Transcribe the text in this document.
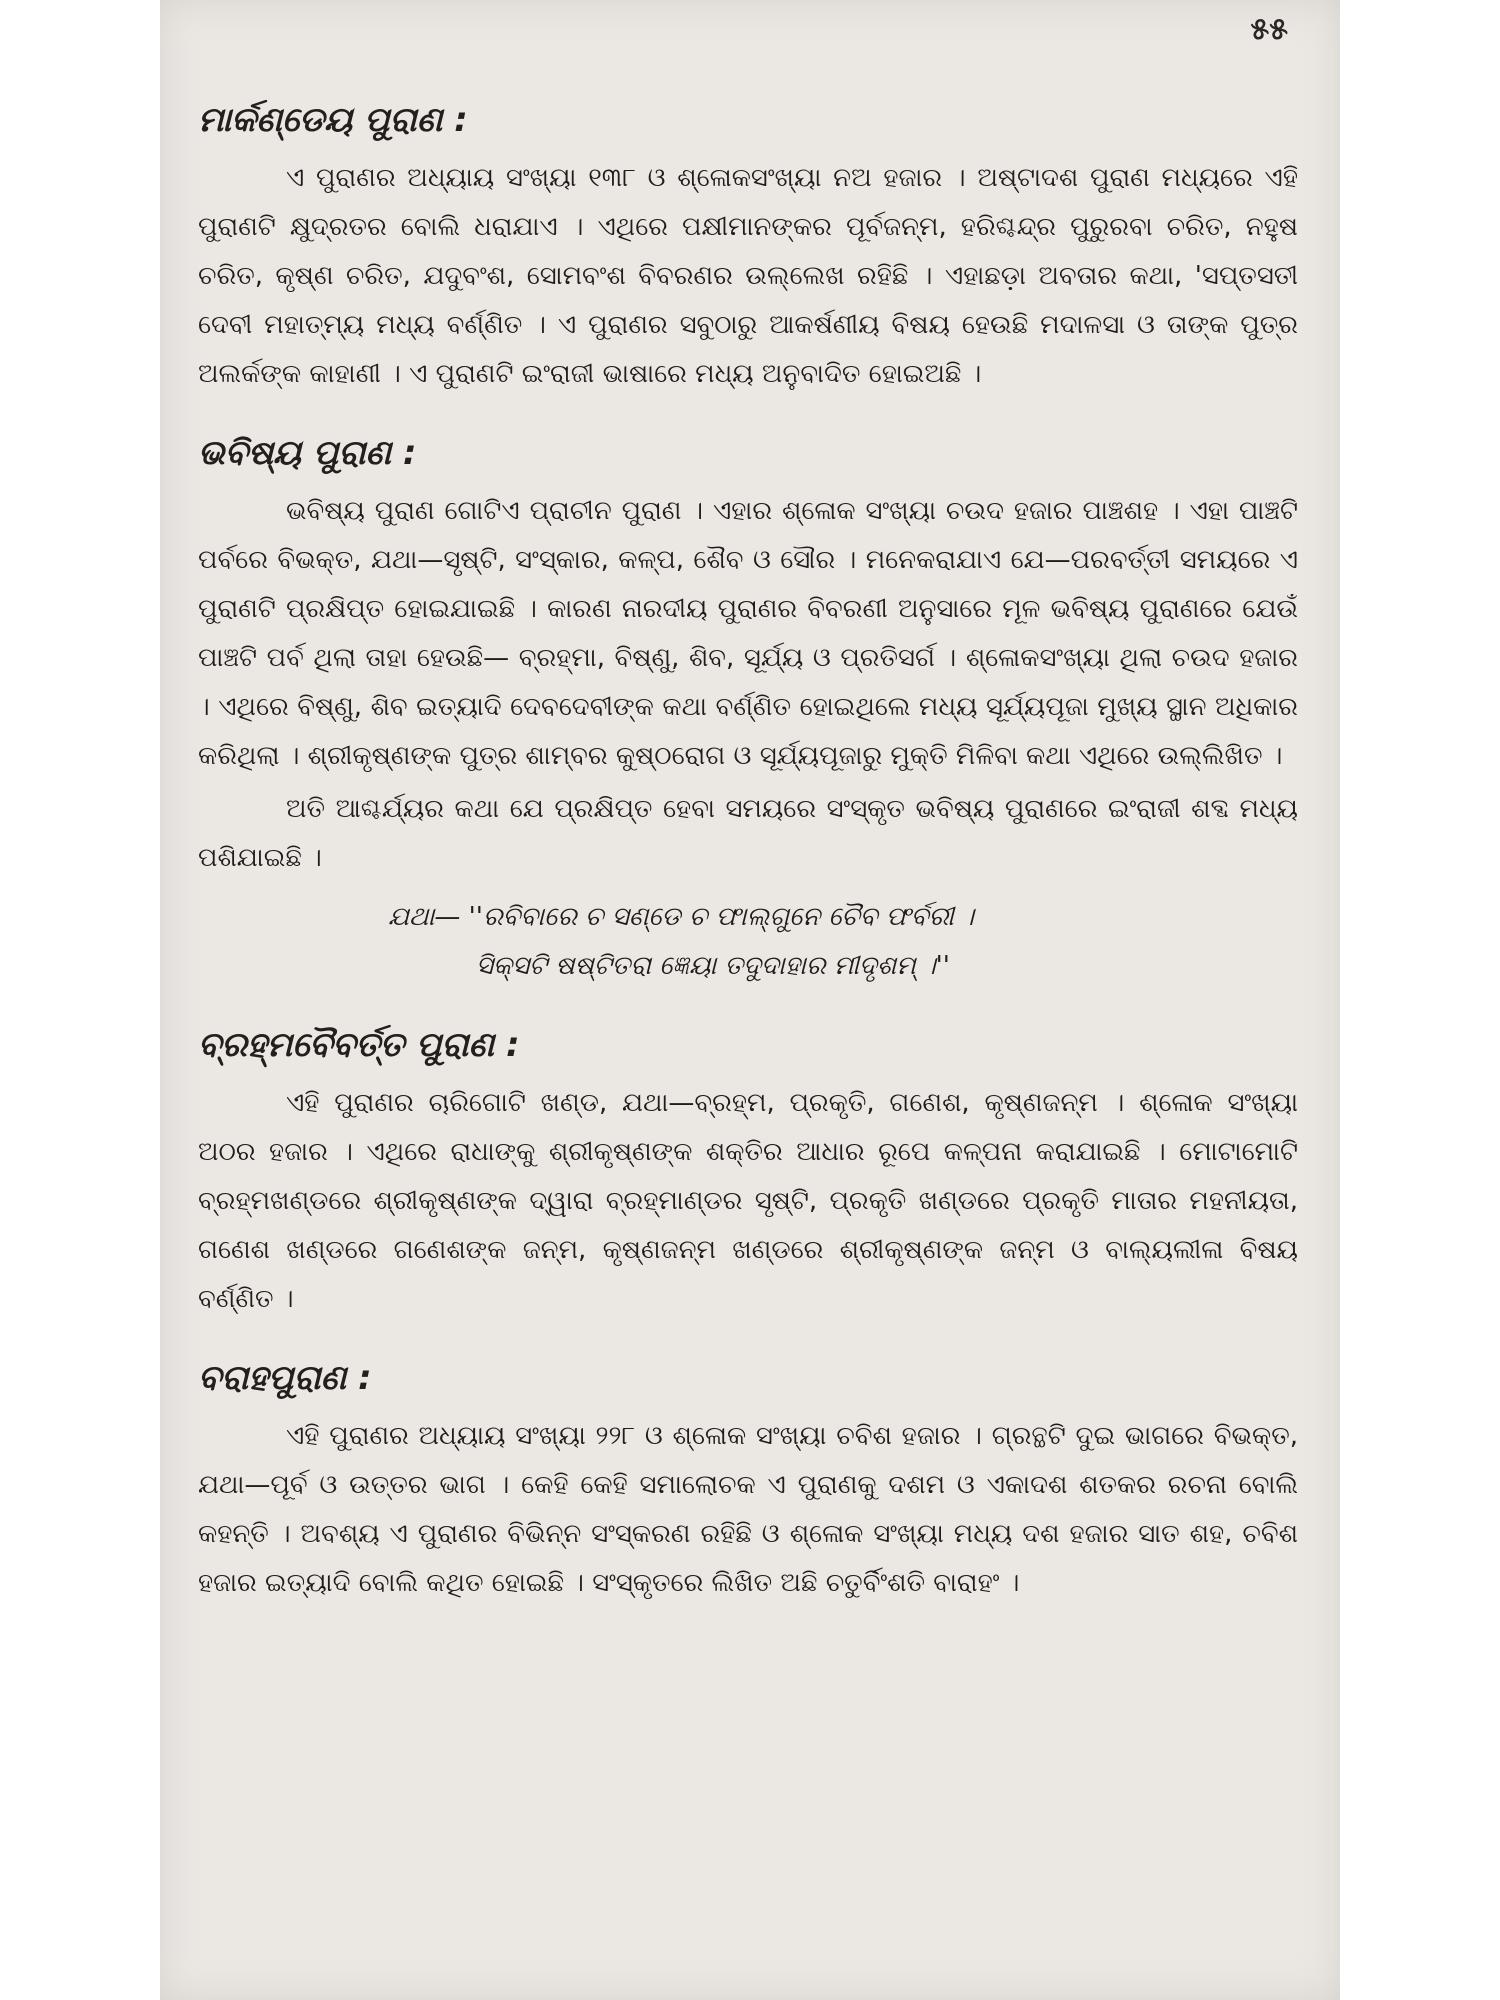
୫୫
ମାର୍କଣ୍ଡେୟ ପୁରାଣ :

ଏ ପୁରାଣର ଅଧ୍ୟାୟ ସଂଖ୍ୟା ୧୩୮ ଓ ଶ୍ଳୋକସଂଖ୍ୟା ନଅ ହଜାର । ଅଷ୍ଟାଦଶ ପୁରାଣ ମଧ୍ୟରେ ଏହି ପୁରାଣଟି କ୍ଷୁଦ୍ରତର ବୋଲି ଧରାଯାଏ । ଏଥିରେ ପକ୍ଷୀମାନଙ୍କର ପୂର୍ବଜନ୍ମ, ହରିଶ୍ଚନ୍ଦ୍ର ପୁରୁରବା ଚରିତ, ନହୁଷ ଚରିତ, କୃଷ୍ଣ ଚରିତ, ଯଦୁବଂଶ, ସୋମବଂଶ ବିବରଣର ଉଲ୍ଲେଖ ରହିଛି । ଏହାଛଡ଼ା ଅବତାର କଥା, 'ସପ୍ତସତୀ ଦେବୀ ମହାତ୍ମ୍ୟ ମଧ୍ୟ ବର୍ଣ୍ଣିତ । ଏ ପୁରାଣର ସବୁଠାରୁ ଆକର୍ଷଣୀୟ ବିଷୟ ହେଉଛି ମଦାଳସା ଓ ତାଙ୍କ ପୁତ୍ର ଅଲର୍କଙ୍କ କାହାଣୀ । ଏ ପୁରାଣଟି ଇଂରାଜୀ ଭାଷାରେ ମଧ୍ୟ ଅନୁବାଦିତ ହୋଇଅଛି ।

ଭବିଷ୍ୟ ପୁରାଣ :

ଭବିଷ୍ୟ ପୁରାଣ ଗୋଟିଏ ପ୍ରାଚୀନ ପୁରାଣ । ଏହାର ଶ୍ଳୋକ ସଂଖ୍ୟା ଚଉଦ ହଜାର ପାଞ୍ଚଶହ । ଏହା ପାଞ୍ଚଟି ପର୍ବରେ ବିଭକ୍ତ, ଯଥା—ସୃଷ୍ଟି, ସଂସ୍କାର, କଳ୍ପ, ଶୈବ ଓ ସୌର । ମନେକରାଯାଏ ଯେ—ପରବର୍ତ୍ତୀ ସମୟରେ ଏ ପୁରାଣଟି ପ୍ରକ୍ଷିପ୍ତ ହୋଇଯାଇଛି । କାରଣ ନାରଦୀୟ ପୁରାଣର ବିବରଣୀ ଅନୁସାରେ ମୂଳ ଭବିଷ୍ୟ ପୁରାଣରେ ଯେଉଁ ପାଞ୍ଚଟି ପର୍ବ ଥିଲା ତାହା ହେଉଛି— ବ୍ରହ୍ମା, ବିଷ୍ଣୁ, ଶିବ, ସୂର୍ଯ୍ୟ ଓ ପ୍ରତିସର୍ଗ । ଶ୍ଳୋକସଂଖ୍ୟା ଥିଲା ଚଉଦ ହଜାର । ଏଥିରେ ବିଷ୍ଣୁ, ଶିବ ଇତ୍ୟାଦି ଦେବଦେବୀଙ୍କ କଥା ବର୍ଣ୍ଣିତ ହୋଇଥିଲେ ମଧ୍ୟ ସୂର୍ଯ୍ୟପୂଜା ମୁଖ୍ୟ ସ୍ଥାନ ଅଧିକାର କରିଥିଲା । ଶ୍ରୀକୃଷ୍ଣଙ୍କ ପୁତ୍ର ଶାମ୍ବର କୁଷ୍ଠରୋଗ ଓ ସୂର୍ଯ୍ୟପୂଜାରୁ ମୁକ୍ତି ମିଳିବା କଥା ଏଥିରେ ଉଲ୍ଲିଖିତ ।

ଅତି ଆଶ୍ଚର୍ଯ୍ୟର କଥା ଯେ ପ୍ରକ୍ଷିପ୍ତ ହେବା ସମୟରେ ସଂସ୍କୃତ ଭବିଷ୍ୟ ପୁରାଣରେ ଇଂରାଜୀ ଶବ୍ଦ ମଧ୍ୟ ପଶିଯାଇଛି ।

ଯଥା— ''ରବିବାରେ ଚ ସଣ୍ଡେ ଚ ଫାଲ୍‌ଗୁନେ ଚୈବ ଫର୍ବରୀ ।
ସିକ୍‌ସଟି ଷଷ୍ଟିତରା ଜ୍ଞେୟା ତଦୁଦାହାର ମୀଦୃଶମ୍ ।''
ବ୍ରହ୍ମବୈବର୍ତ୍ତ ପୁରାଣ :

ଏହି ପୁରାଣର ଚାରିଗୋଟି ଖଣ୍ଡ, ଯଥା—ବ୍ରହ୍ମ, ପ୍ରକୃତି, ଗଣେଶ, କୃଷ୍ଣଜନ୍ମ । ଶ୍ଳୋକ ସଂଖ୍ୟା ଅଠର ହଜାର । ଏଥିରେ ରାଧାଙ୍କୁ ଶ୍ରୀକୃଷ୍ଣଙ୍କ ଶକ୍ତିର ଆଧାର ରୂପେ କଳ୍ପନା କରାଯାଇଛି । ମୋଟାମୋଟି ବ୍ରହ୍ମଖଣ୍ଡରେ ଶ୍ରୀକୃଷ୍ଣଙ୍କ ଦ୍ୱାରା ବ୍ରହ୍ମାଣ୍ଡର ସୃଷ୍ଟି, ପ୍ରକୃତି ଖଣ୍ଡରେ ପ୍ରକୃତି ମାତାର ମହନୀୟତା, ଗଣେଶ ଖଣ୍ଡରେ ଗଣେଶଙ୍କ ଜନ୍ମ, କୃଷ୍ଣଜନ୍ମ ଖଣ୍ଡରେ ଶ୍ରୀକୃଷ୍ଣଙ୍କ ଜନ୍ମ ଓ ବାଲ୍ୟଲୀଳା ବିଷୟ ବର୍ଣ୍ଣିତ ।

ବରାହପୁରାଣ :

ଏହି ପୁରାଣର ଅଧ୍ୟାୟ ସଂଖ୍ୟା ୨୨୮ ଓ ଶ୍ଳୋକ ସଂଖ୍ୟା ଚବିଶ ହଜାର । ଗ୍ରନ୍ଥଟି ଦୁଇ ଭାଗରେ ବିଭକ୍ତ, ଯଥା—ପୂର୍ବ ଓ ଉତ୍ତର ଭାଗ । କେହି କେହି ସମାଲୋଚକ ଏ ପୁରାଣକୁ ଦଶମ ଓ ଏକାଦଶ ଶତକର ରଚନା ବୋଲି କହନ୍ତି । ଅବଶ୍ୟ ଏ ପୁରାଣର ବିଭିନ୍ନ ସଂସ୍କରଣ ରହିଛି ଓ ଶ୍ଳୋକ ସଂଖ୍ୟା ମଧ୍ୟ ଦଶ ହଜାର ସାତ ଶହ, ଚବିଶ ହଜାର ଇତ୍ୟାଦି ବୋଲି କଥିତ ହୋଇଛି । ସଂସ୍କୃତରେ ଲିଖିତ ଅଛି ଚତୁର୍ବିଂଶତି ବାରାହଂ ।
